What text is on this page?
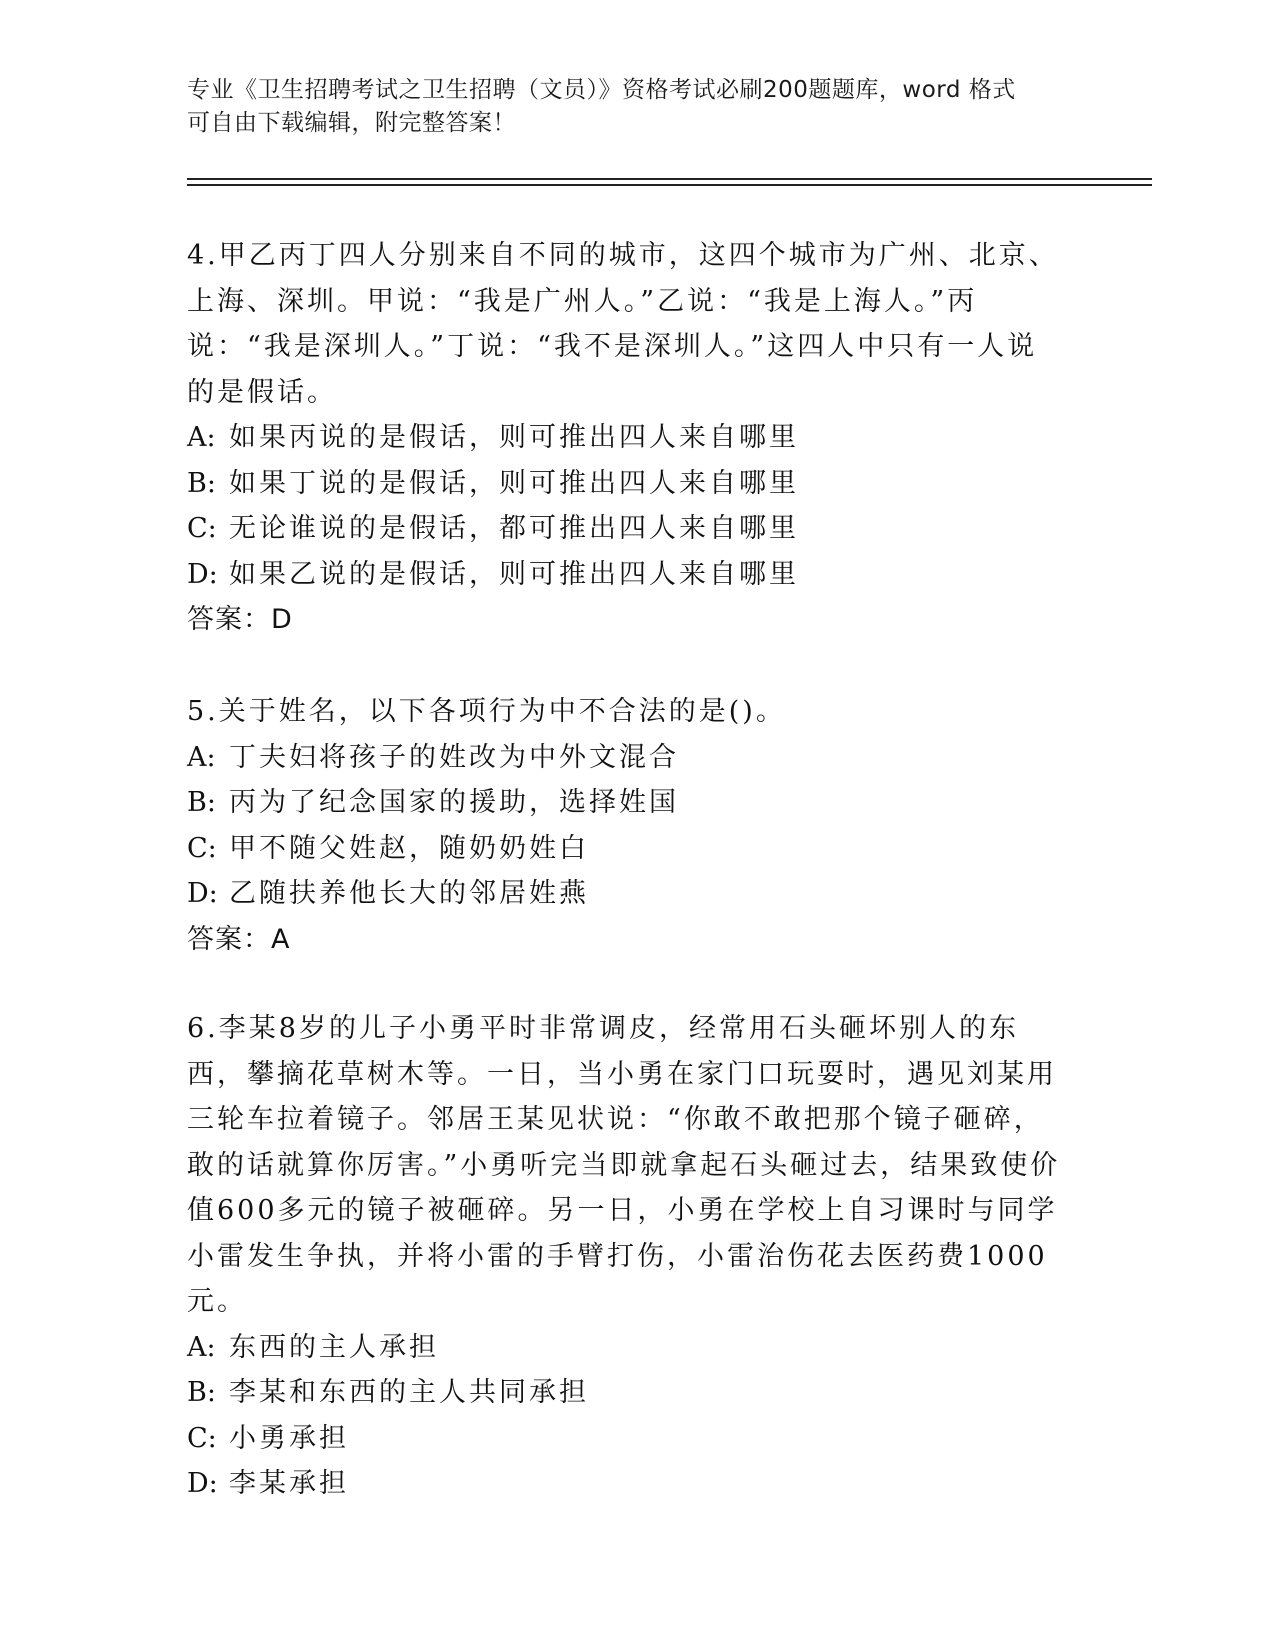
专业《卫生招聘考试之卫生招聘（文员）》资格考试必刷200题题库，word 格式
可自由下载编辑，附完整答案！

4.甲乙丙丁四人分别来自不同的城市，这四个城市为广州、北京、上海、深圳。甲说：“我是广州人。”乙说：“我是上海人。”丙说：“我是深圳人。”丁说：“我不是深圳人。”这四人中只有一人说的是假话。

A: 如果丙说的是假话，则可推出四人来自哪里

B: 如果丁说的是假话，则可推出四人来自哪里

C: 无论谁说的是假话，都可推出四人来自哪里

D: 如果乙说的是假话，则可推出四人来自哪里

答案：D

5.关于姓名，以下各项行为中不合法的是()。

A: 丁夫妇将孩子的姓改为中外文混合

B: 丙为了纪念国家的援助，选择姓国

C: 甲不随父姓赵，随奶奶姓白

D: 乙随扶养他长大的邻居姓燕

答案：A

6.李某8岁的儿子小勇平时非常调皮，经常用石头砸坏别人的东西，攀摘花草树木等。一日，当小勇在家门口玩耍时，遇见刘某用三轮车拉着镜子。邻居王某见状说：“你敢不敢把那个镜子砸碎，敢的话就算你厉害。”小勇听完当即就拿起石头砸过去，结果致使价值600多元的镜子被砸碎。另一日，小勇在学校上自习课时与同学小雷发生争执，并将小雷的手臂打伤，小雷治伤花去医药费1000元。

A: 东西的主人承担

B: 李某和东西的主人共同承担

C: 小勇承担

D: 李某承担
